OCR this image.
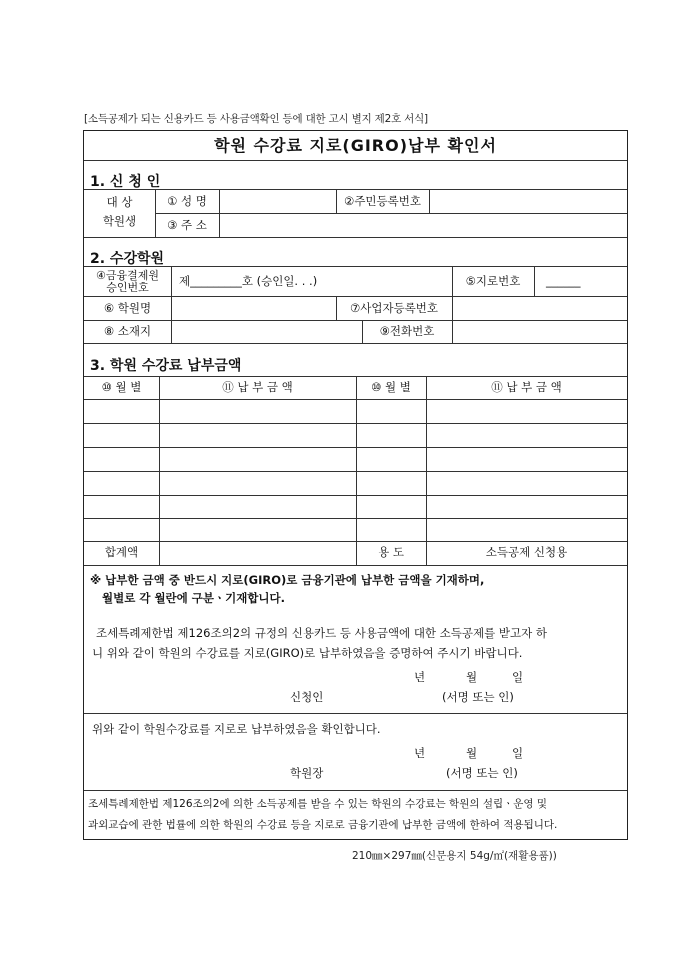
[소득공제가 되는 신용카드 등 사용금액확인 등에 대한 고시 별지 제2호 서식]
학원 수강료 지로(GIRO)납부 확인서
1. 신 청 인
대 상
학원생
① 성 명	②주민등록번호
③ 주 소
2. 수강학원
④금융결제원
승인번호	제_________호 (승인일. . .)	⑤지로번호	______
⑥ 학원명	⑦사업자등록번호
⑧ 소재지	⑨전화번호
3. 학원 수강료 납부금액
⑩ 월 별	⑪ 납 부 금 액	⑩ 월 별	⑪ 납 부 금 액
합계액	용 도	소득공제 신청용
※ 납부한 금액 중 반드시 지로(GIRO)로 금융기관에 납부한 금액을 기재하며,
월별로 각 월란에 구분ㆍ기재합니다.
조세특례제한법 제126조의2의 규정의 신용카드 등 사용금액에 대한 소득공제를 받고자 하
니 위와 같이 학원의 수강료를 지로(GIRO)로 납부하였음을 증명하여 주시기 바랍니다.
년	월	일
신청인	(서명 또는 인)
위와 같이 학원수강료를 지로로 납부하였음을 확인합니다.
년	월	일
학원장	(서명 또는 인)
조세특례제한법 제126조의2에 의한 소득공제를 받을 수 있는 학원의 수강료는 학원의 설립ㆍ운영 및
과외교습에 관한 법률에 의한 학원의 수강료 등을 지로로 금융기관에 납부한 금액에 한하여 적용됩니다.
210㎜×297㎜(신문용지 54g/㎡(재활용품))
